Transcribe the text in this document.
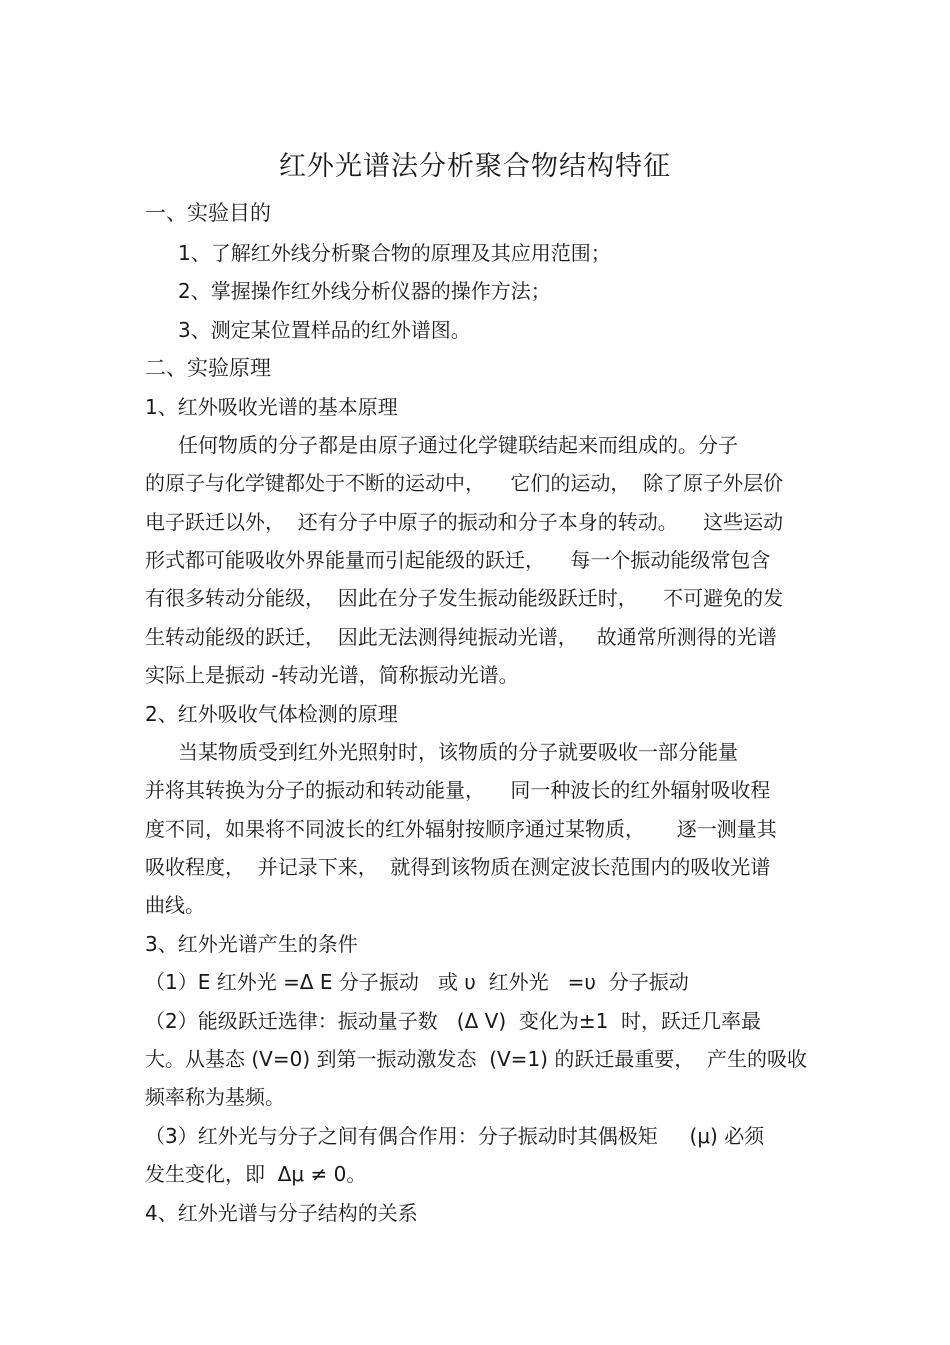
红外光谱法分析聚合物结构特征
一、实验目的
1、了解红外线分析聚合物的原理及其应用范围；
2、掌握操作红外线分析仪器的操作方法；
3、测定某位置样品的红外谱图。
二、实验原理
1、红外吸收光谱的基本原理
任何物质的分子都是由原子通过化学键联结起来而组成的。分子
的原子与化学键都处于不断的运动中，    它们的运动，  除了原子外层价
电子跃迁以外，  还有分子中原子的振动和分子本身的转动。    这些运动
形式都可能吸收外界能量而引起能级的跃迁，    每一个振动能级常包含
有很多转动分能级，  因此在分子发生振动能级跃迁时，    不可避免的发
生转动能级的跃迁，  因此无法测得纯振动光谱，   故通常所测得的光谱
实际上是振动 -转动光谱，简称振动光谱。
2、红外吸收气体检测的原理
当某物质受到红外光照射时，该物质的分子就要吸收一部分能量
并将其转换为分子的振动和转动能量，    同一种波长的红外辐射吸收程
度不同，如果将不同波长的红外辐射按顺序通过某物质，     逐一测量其
吸收程度，  并记录下来，  就得到该物质在测定波长范围内的吸收光谱
曲线。
3、红外光谱产生的条件
（1）E 红外光 =Δ E 分子振动   或 υ  红外光   =υ  分子振动
（2）能级跃迁选律：振动量子数   (Δ V)  变化为±1  时，跃迁几率最
大。从基态 (V=0) 到第一振动激发态  (V=1) 的跃迁最重要，  产生的吸收
频率称为基频。
（3）红外光与分子之间有偶合作用：分子振动时其偶极矩     (μ) 必须
发生变化，即  Δμ ≠ 0。
4、红外光谱与分子结构的关系
